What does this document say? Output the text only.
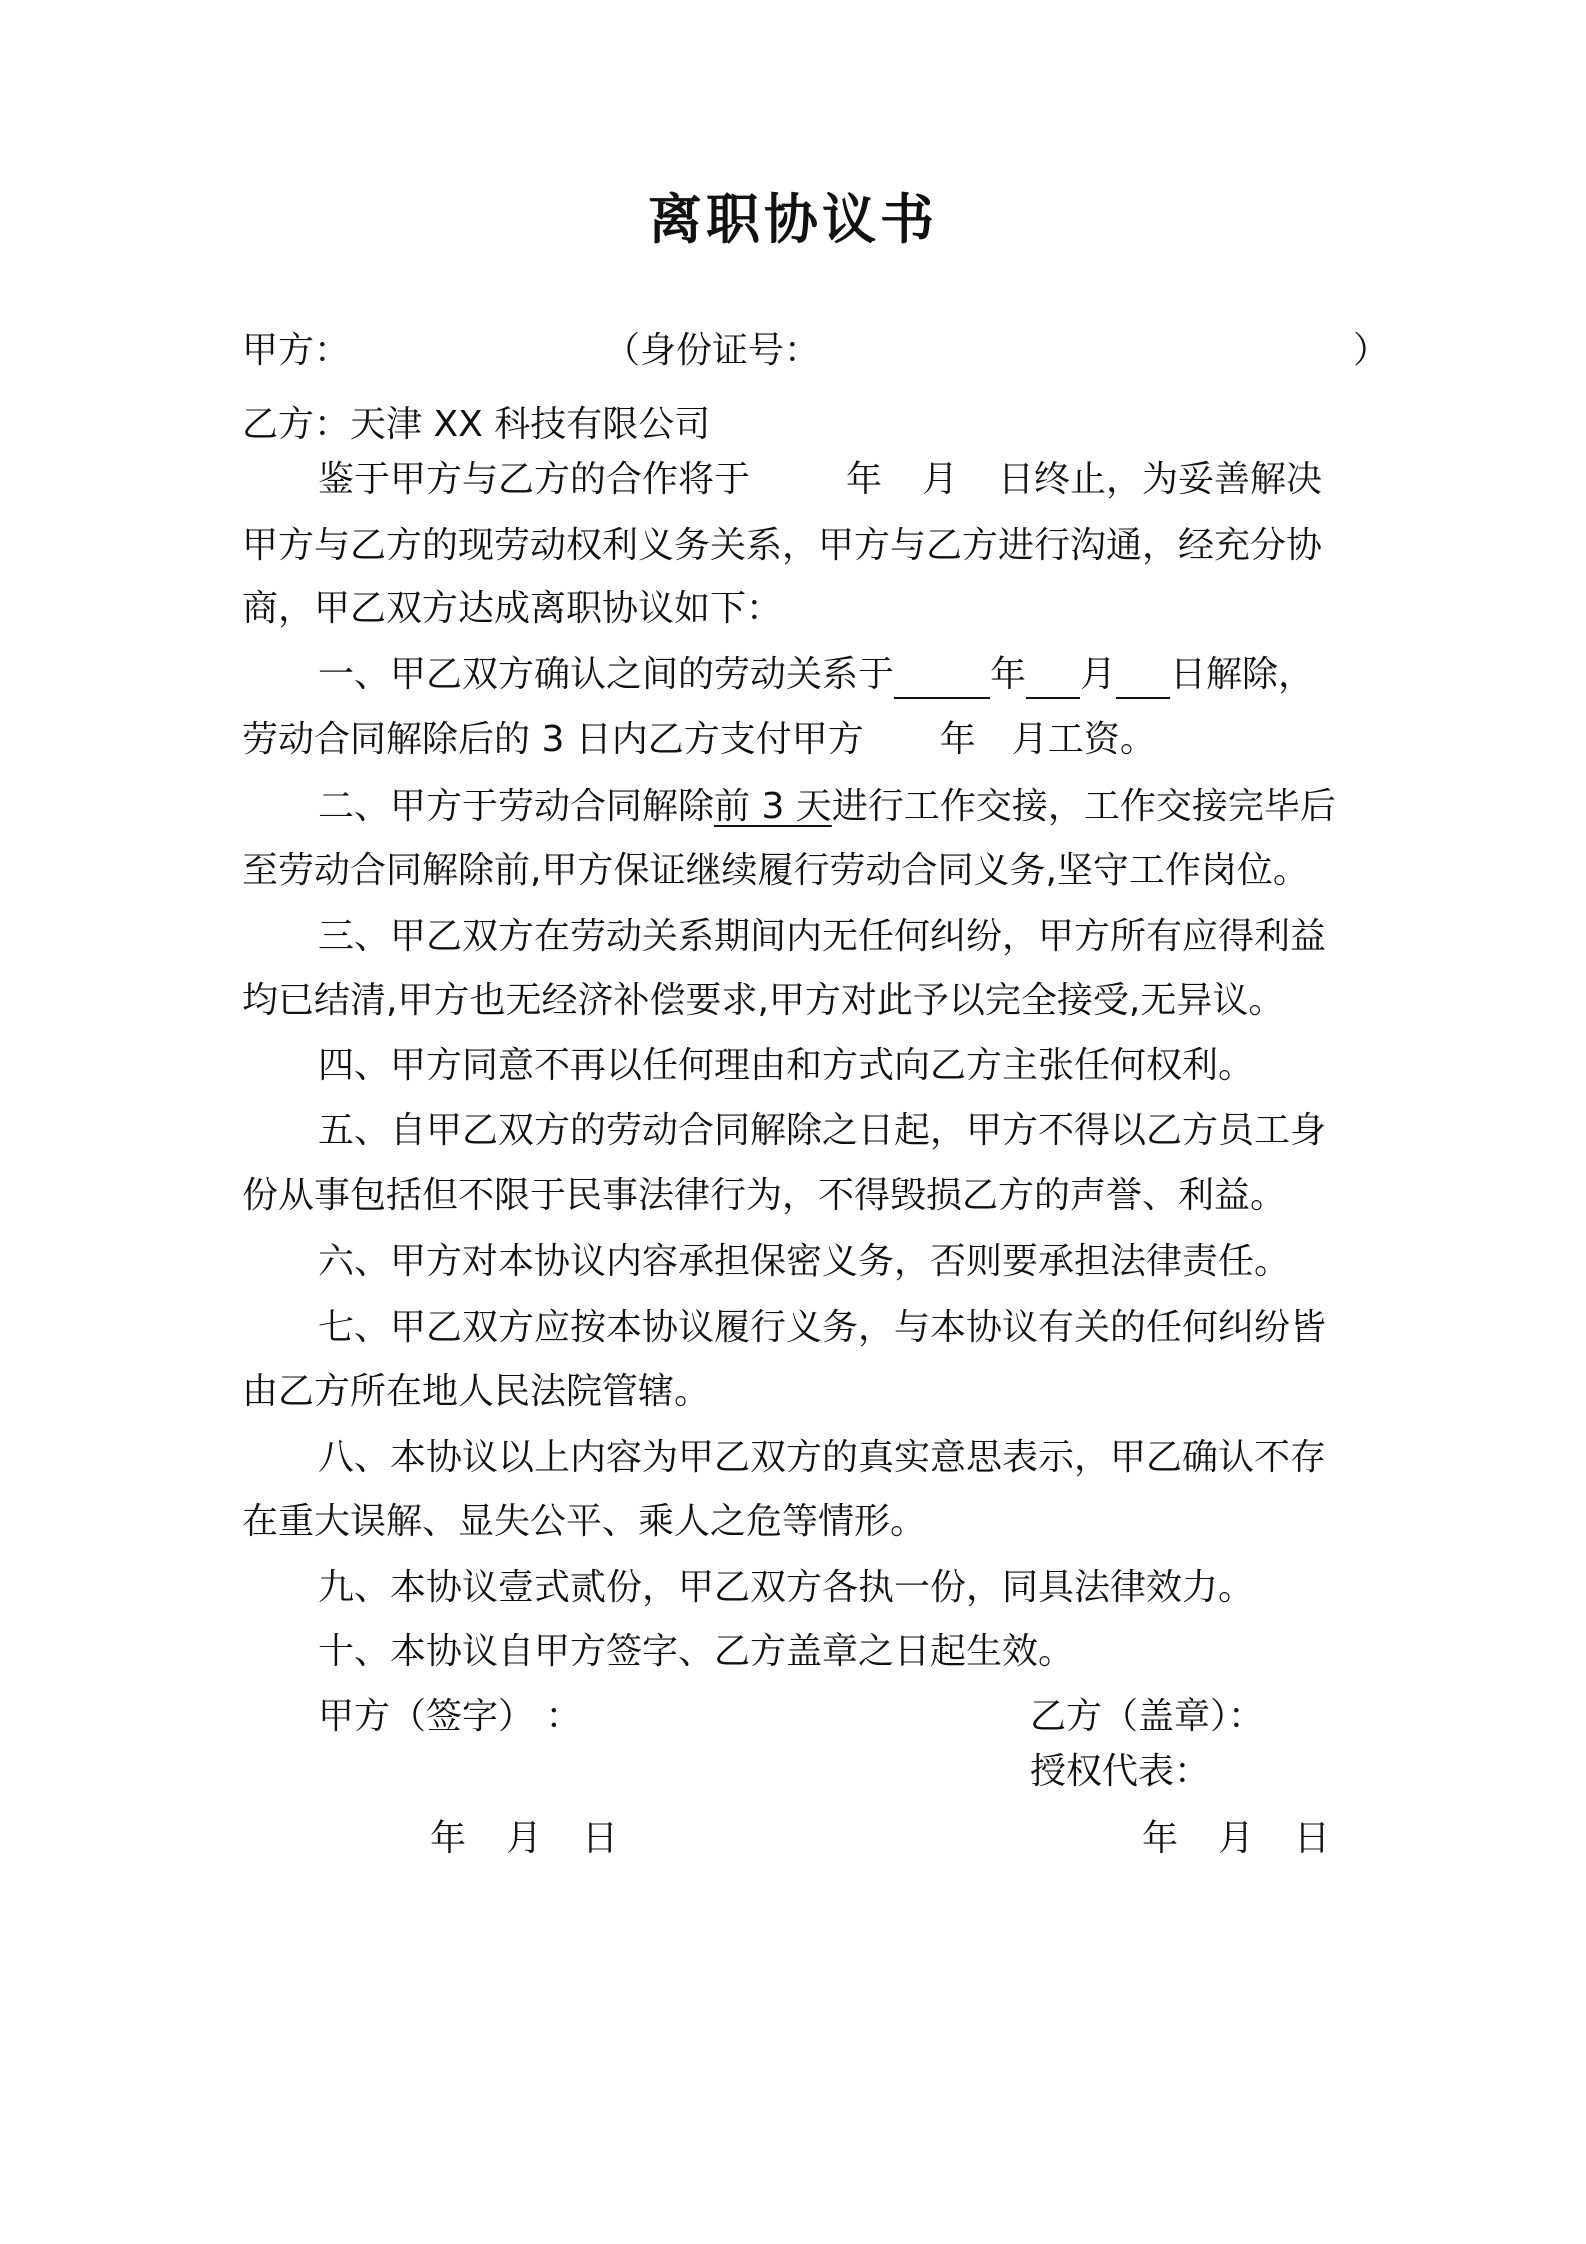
离职协议书
甲方：	（身份证号：	）
乙方：天津 XX 科技有限公司
鉴于甲方与乙方的合作将于	年 月 日终止，为妥善解决
甲方与乙方的现劳动权利义务关系，甲方与乙方进行沟通，经充分协
商，甲乙双方达成离职协议如下：
一、甲乙双方确认之间的劳动关系于	年 月 日解除，
劳动合同解除后的 3 日内乙方支付甲方 年 月工资。
二、甲方于劳动合同解除前 3 天进行工作交接，工作交接完毕后
至劳动合同解除前,甲方保证继续履行劳动合同义务,坚守工作岗位。
三、甲乙双方在劳动关系期间内无任何纠纷，甲方所有应得利益
均已结清,甲方也无经济补偿要求,甲方对此予以完全接受,无异议。
四、甲方同意不再以任何理由和方式向乙方主张任何权利。
五、自甲乙双方的劳动合同解除之日起，甲方不得以乙方员工身
份从事包括但不限于民事法律行为，不得毁损乙方的声誉、利益。
六、甲方对本协议内容承担保密义务，否则要承担法律责任。
七、甲乙双方应按本协议履行义务，与本协议有关的任何纠纷皆
由乙方所在地人民法院管辖。
八、本协议以上内容为甲乙双方的真实意思表示，甲乙确认不存
在重大误解、显失公平、乘人之危等情形。
九、本协议壹式贰份，甲乙双方各执一份，同具法律效力。
十、本协议自甲方签字、乙方盖章之日起生效。
甲方（签字） ：	乙方（盖章）：
授权代表：
年 月 日	年 月 日
